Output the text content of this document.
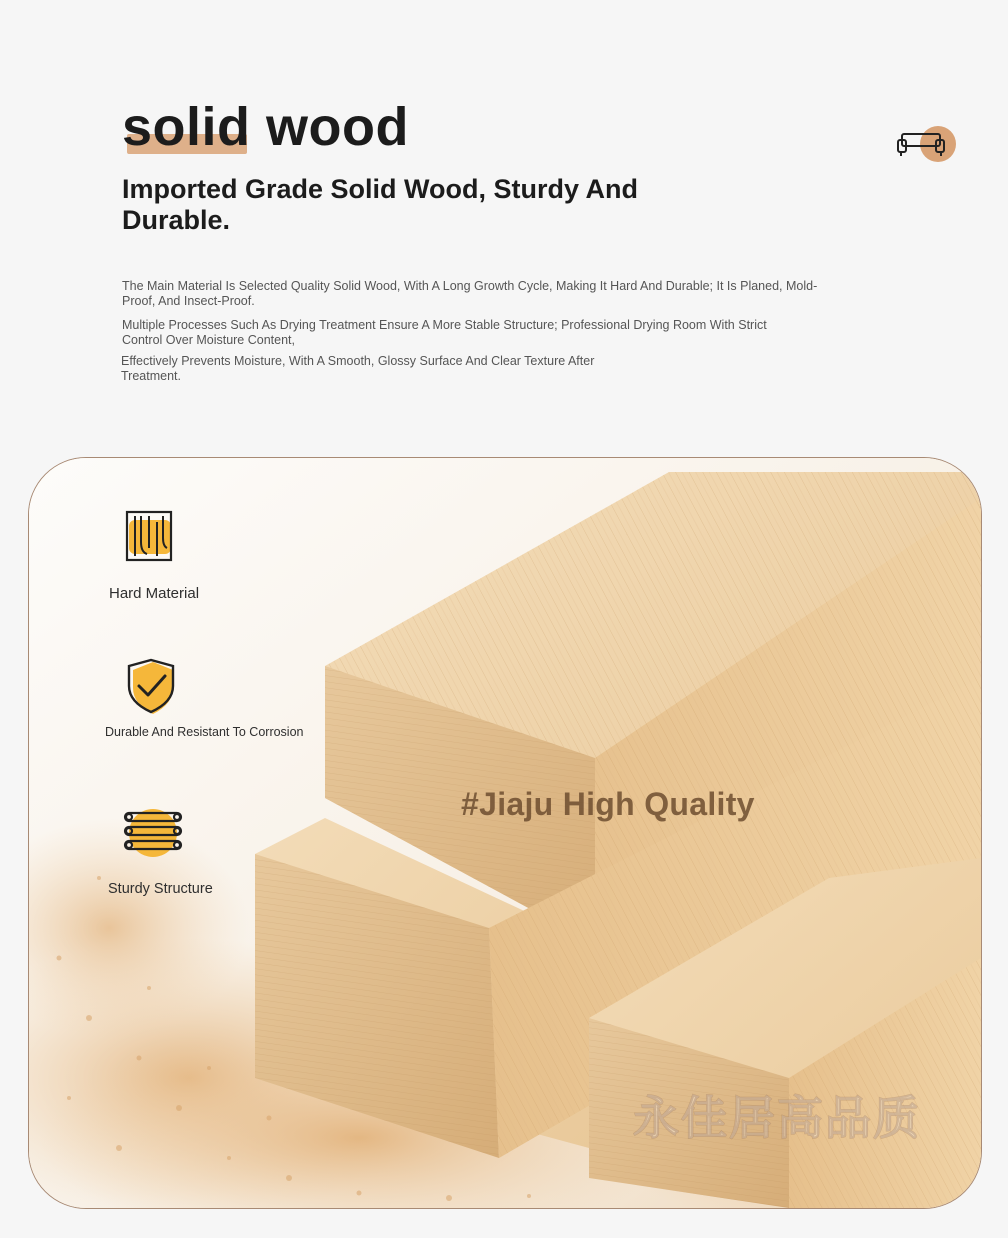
solid wood
Imported Grade Solid Wood, Sturdy And Durable.

The Main Material Is Selected Quality Solid Wood, With A Long Growth Cycle, Making It Hard And Durable; It Is Planed, Mold-Proof, And Insect-Proof.

Multiple Processes Such As Drying Treatment Ensure A More Stable Structure; Professional Drying Room With Strict Control Over Moisture Content,

Effectively Prevents Moisture, With A Smooth, Glossy Surface And Clear Texture After Treatment.

Hard Material
Durable And Resistant To Corrosion
Sturdy Structure
#Jiaju High Quality
永佳居高品质
